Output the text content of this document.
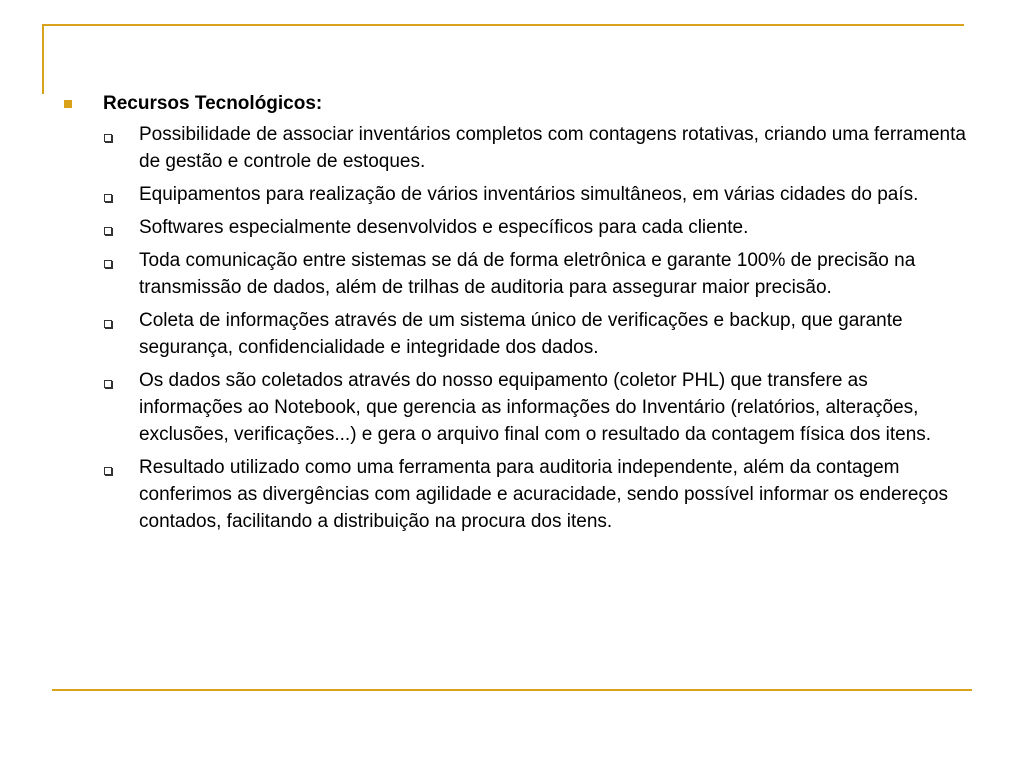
Recursos Tecnológicos:
Possibilidade de associar inventários completos com contagens rotativas, criando uma ferramenta de gestão e controle de estoques.
Equipamentos para realização de vários inventários simultâneos, em várias cidades do país.
Softwares especialmente desenvolvidos e específicos para cada cliente.
Toda comunicação entre sistemas se dá de forma eletrônica e garante 100% de precisão na transmissão de dados, além de trilhas de auditoria para assegurar maior precisão.
Coleta de informações através de um sistema único de verificações e backup, que garante segurança, confidencialidade e integridade dos dados.
Os dados são coletados através do nosso equipamento (coletor PHL) que transfere as informações ao Notebook, que gerencia as informações do Inventário (relatórios, alterações, exclusões, verificações...) e gera o arquivo final com o resultado da contagem física dos itens.
Resultado utilizado como uma ferramenta para auditoria independente, além da contagem conferimos as divergências com agilidade e acuracidade, sendo possível informar os endereços contados, facilitando a distribuição na procura dos itens.
